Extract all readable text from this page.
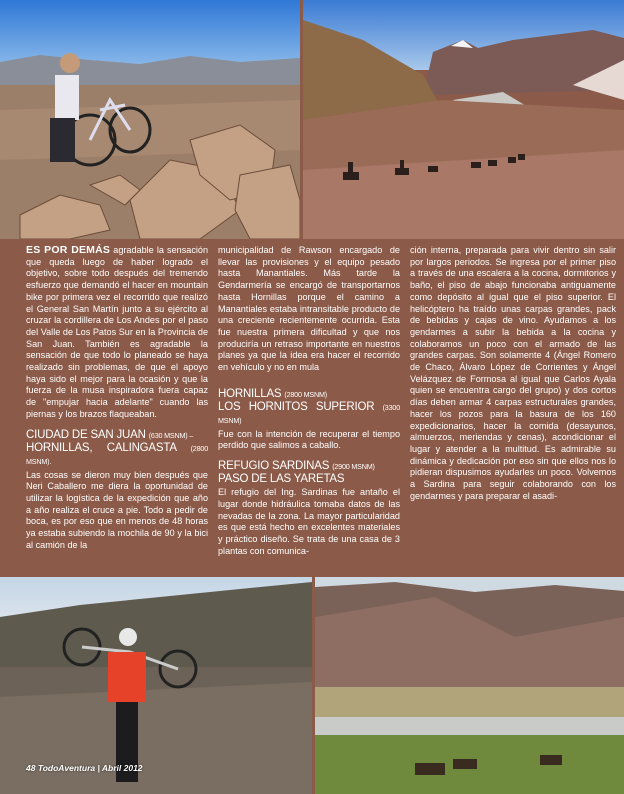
ES POR DEMÁS agradable la sensación que queda luego de haber logrado el objetivo, sobre todo después del tremendo esfuerzo que demandó el hacer en mountain bike por primera vez el recorrido que realizó el General San Martín junto a su ejército al cruzar la cordillera de Los Andes por el paso del Valle de Los Patos Sur en la Provincia de San Juan. También es agradable la sensación de que todo lo planeado se haya realizado sin problemas, de que el apoyo haya sido el mejor para la ocasión y que la fuerza de la musa inspiradora fuera capaz de "empujar hacia adelante" cuando las piernas y los brazos flaqueaban.

CIUDAD DE SAN JUAN (630 MSNM) –
HORNILLAS, CALINGASTA (2800 MSNM).

Las cosas se dieron muy bien después que Neri Caballero me diera la oportunidad de utilizar la logística de la expedición que año a año realiza el cruce a pie. Todo a pedir de boca, es por eso que en menos de 48 horas ya estaba subiendo la mochila de 90 y la bici al camión de la

municipalidad de Rawson encargado de llevar las provisiones y el equipo pesado hasta Manantiales. Más tarde la Gendarmería se encargó de transportarnos hasta Hornillas porque el camino a Manantiales estaba intransitable producto de una creciente recientemente ocurrida. Esta fue nuestra primera dificultad y que nos produciría un retraso importante en nuestros planes ya que la idea era hacer el recorrido en vehículo y no en mula

HORNILLAS (2800 MSNM)
LOS HORNITOS SUPERIOR (3300 MSNM)

Fue con la intención de recuperar el tiempo perdido que salimos a caballo.

REFUGIO SARDINAS (2900 MSNM)
PASO DE LAS YARETAS

El refugio del Ing. Sardinas fue antaño el lugar donde hidráulica tomaba datos de las nevadas de la zona. La mayor particularidad es que está hecho en excelentes materiales y práctico diseño. Se trata de una casa de 3 plantas con comunica-

ción interna, preparada para vivir dentro sin salir por largos periodos. Se ingresa por el primer piso a través de una escalera a la cocina, dormitorios y baño, el piso de abajo funcionaba antiguamente como depósito al igual que el piso superior. El helicóptero ha traído unas carpas grandes, pack de bebidas y cajas de vino. Ayudamos a los gendarmes a subir la bebida a la cocina y colaboramos un poco con el armado de las grandes carpas. Son solamente 4 (Ángel Romero de Chaco, Álvaro López de Corrientes y Ángel Velázquez de Formosa al igual que Carlos Ayala quien se encuentra cargo del grupo) y dos cortos días deben armar 4 carpas estructurales grandes, hacer los pozos para la basura de los 160 expedicionarios, hacer la comida (desayunos, almuerzos, meriendas y cenas), acondicionar el lugar y atender a la multitud. Es admirable su dinámica y dedicación por eso sin que ellos nos lo pidieran dispusimos ayudarles un poco. Volvemos a Sardina para seguir colaborando con los gendarmes y para preparar el asadi-

48 TodoAventura | Abril 2012
